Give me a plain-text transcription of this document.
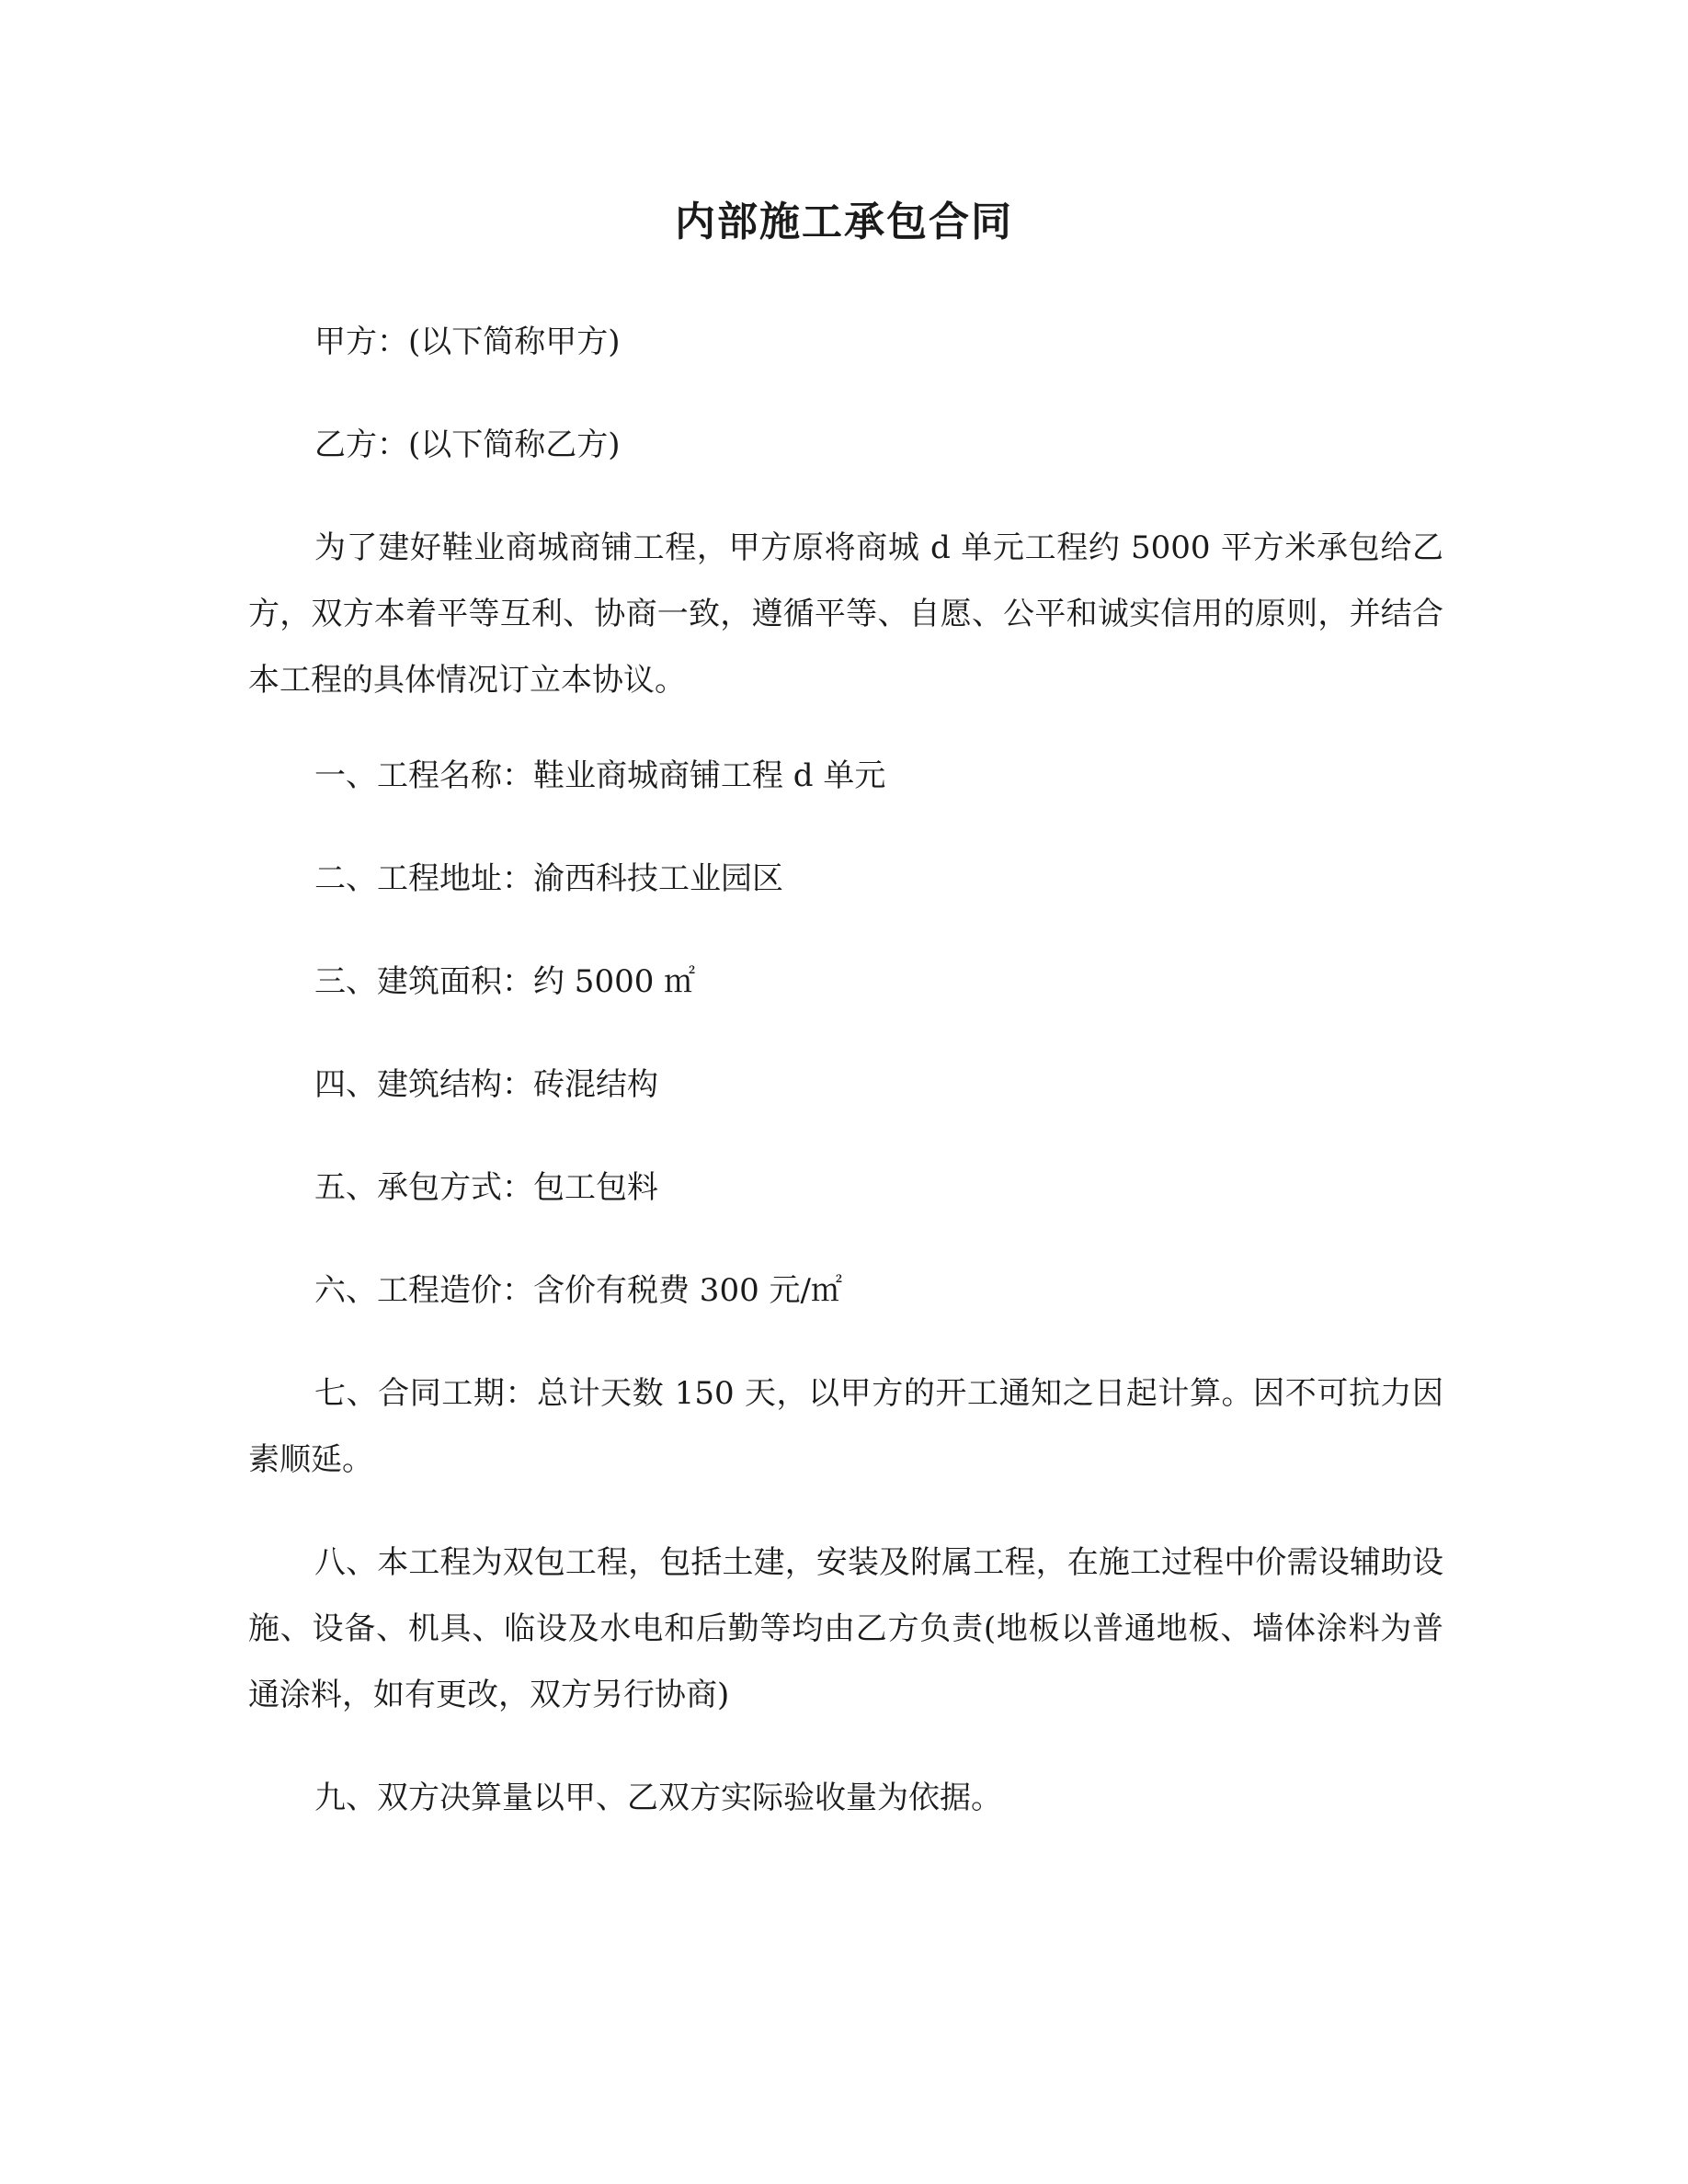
内部施工承包合同

甲方：(以下简称甲方)

乙方：(以下简称乙方)

为了建好鞋业商城商铺工程，甲方原将商城 d 单元工程约 5000 平方米承包给乙方，双方本着平等互利、协商一致，遵循平等、自愿、公平和诚实信用的原则，并结合本工程的具体情况订立本协议。

一、工程名称：鞋业商城商铺工程 d 单元

二、工程地址：渝西科技工业园区

三、建筑面积：约 5000 ㎡

四、建筑结构：砖混结构

五、承包方式：包工包料

六、工程造价：含价有税费 300 元/㎡

七、合同工期：总计天数 150 天，以甲方的开工通知之日起计算。因不可抗力因素顺延。

八、本工程为双包工程，包括土建，安装及附属工程，在施工过程中价需设辅助设施、设备、机具、临设及水电和后勤等均由乙方负责(地板以普通地板、墙体涂料为普通涂料，如有更改，双方另行协商)

九、双方决算量以甲、乙双方实际验收量为依据。
